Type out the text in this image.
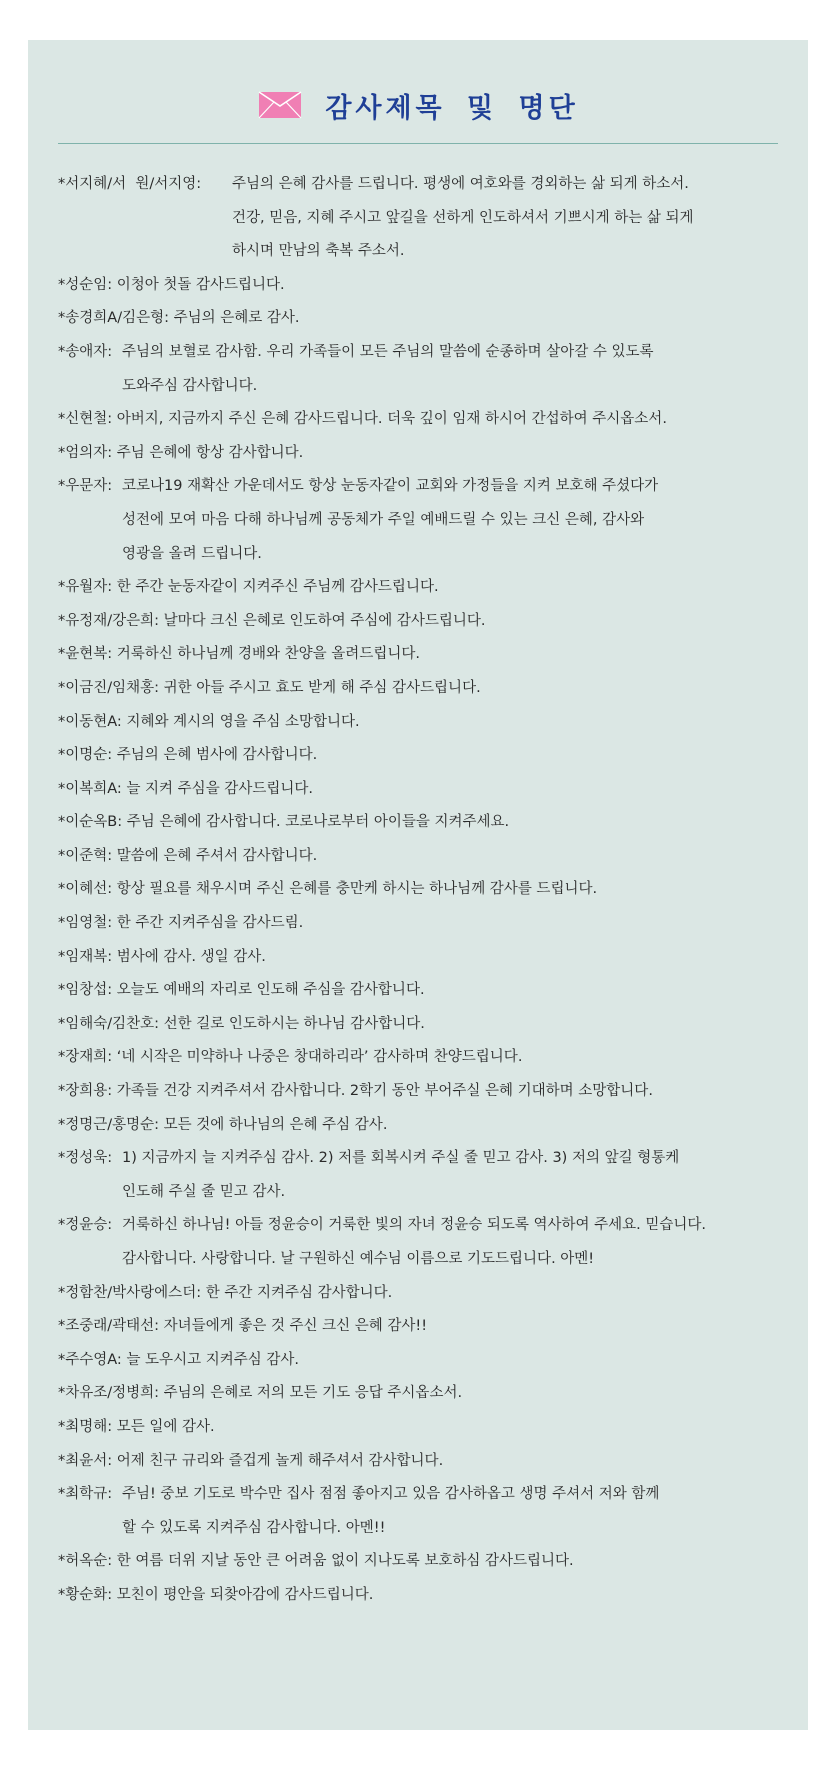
감사제목 및 명단
*서지혜/서  원/서지영:	주님의 은혜 감사를 드립니다. 평생에 여호와를 경외하는 삶 되게 하소서.
건강, 믿음, 지혜 주시고 앞길을 선하게 인도하셔서 기쁘시게 하는 삶 되게
하시며 만남의 축복 주소서.
*성순임: 이청아 첫돌 감사드립니다.
*송경희A/김은형: 주님의 은혜로 감사.
*송애자: 주님의 보혈로 감사함. 우리 가족들이 모든 주님의 말씀에 순종하며 살아갈 수 있도록
도와주심 감사합니다.
*신현철: 아버지, 지금까지 주신 은혜 감사드립니다. 더욱 깊이 임재 하시어 간섭하여 주시옵소서.
*엄의자: 주님 은혜에 항상 감사합니다.
*우문자: 코로나19 재확산 가운데서도 항상 눈동자같이 교회와 가정들을 지켜 보호해 주셨다가
성전에 모여 마음 다해 하나님께 공동체가 주일 예배드릴 수 있는 크신 은혜, 감사와
영광을 올려 드립니다.
*유월자: 한 주간 눈동자같이 지켜주신 주님께 감사드립니다.
*유정재/강은희: 날마다 크신 은혜로 인도하여 주심에 감사드립니다.
*윤현복: 거룩하신 하나님께 경배와 찬양을 올려드립니다.
*이금진/임채홍: 귀한 아들 주시고 효도 받게 해 주심 감사드립니다.
*이동현A: 지혜와 계시의 영을 주심 소망합니다.
*이명순: 주님의 은혜 범사에 감사합니다.
*이복희A: 늘 지켜 주심을 감사드립니다.
*이순옥B: 주님 은혜에 감사합니다. 코로나로부터 아이들을 지켜주세요.
*이준혁: 말씀에 은혜 주셔서 감사합니다.
*이혜선: 항상 필요를 채우시며 주신 은혜를 충만케 하시는 하나님께 감사를 드립니다.
*임영철: 한 주간 지켜주심을 감사드림.
*임재복: 범사에 감사. 생일 감사.
*임창섭: 오늘도 예배의 자리로 인도해 주심을 감사합니다.
*임해숙/김찬호: 선한 길로 인도하시는 하나님 감사합니다.
*장재희: ‘네 시작은 미약하나 나중은 창대하리라’ 감사하며 찬양드립니다.
*장희용: 가족들 건강 지켜주셔서 감사합니다. 2학기 동안 부어주실 은혜 기대하며 소망합니다.
*정명근/홍명순: 모든 것에 하나님의 은혜 주심 감사.
*정성욱: 1) 지금까지 늘 지켜주심 감사. 2) 저를 회복시켜 주실 줄 믿고 감사. 3) 저의 앞길 형통케
인도해 주실 줄 믿고 감사.
*정윤승: 거룩하신 하나님! 아들 정윤승이 거룩한 빛의 자녀 정윤승 되도록 역사하여 주세요. 믿습니다.
감사합니다. 사랑합니다. 날 구원하신 예수님 이름으로 기도드립니다. 아멘!
*정함찬/박사랑에스더: 한 주간 지켜주심 감사합니다.
*조중래/곽태선: 자녀들에게 좋은 것 주신 크신 은혜 감사!!
*주수영A: 늘 도우시고 지켜주심 감사.
*차유조/정병희: 주님의 은혜로 저의 모든 기도 응답 주시옵소서.
*최명해: 모든 일에 감사.
*최윤서: 어제 친구 규리와 즐겁게 놀게 해주셔서 감사합니다.
*최학규: 주님! 중보 기도로 박수만 집사 점점 좋아지고 있음 감사하옵고 생명 주셔서 저와 함께
할 수 있도록 지켜주심 감사합니다. 아멘!!
*허옥순: 한 여름 더위 지날 동안 큰 어려움 없이 지나도록 보호하심 감사드립니다.
*황순화: 모친이 평안을 되찾아감에 감사드립니다.
